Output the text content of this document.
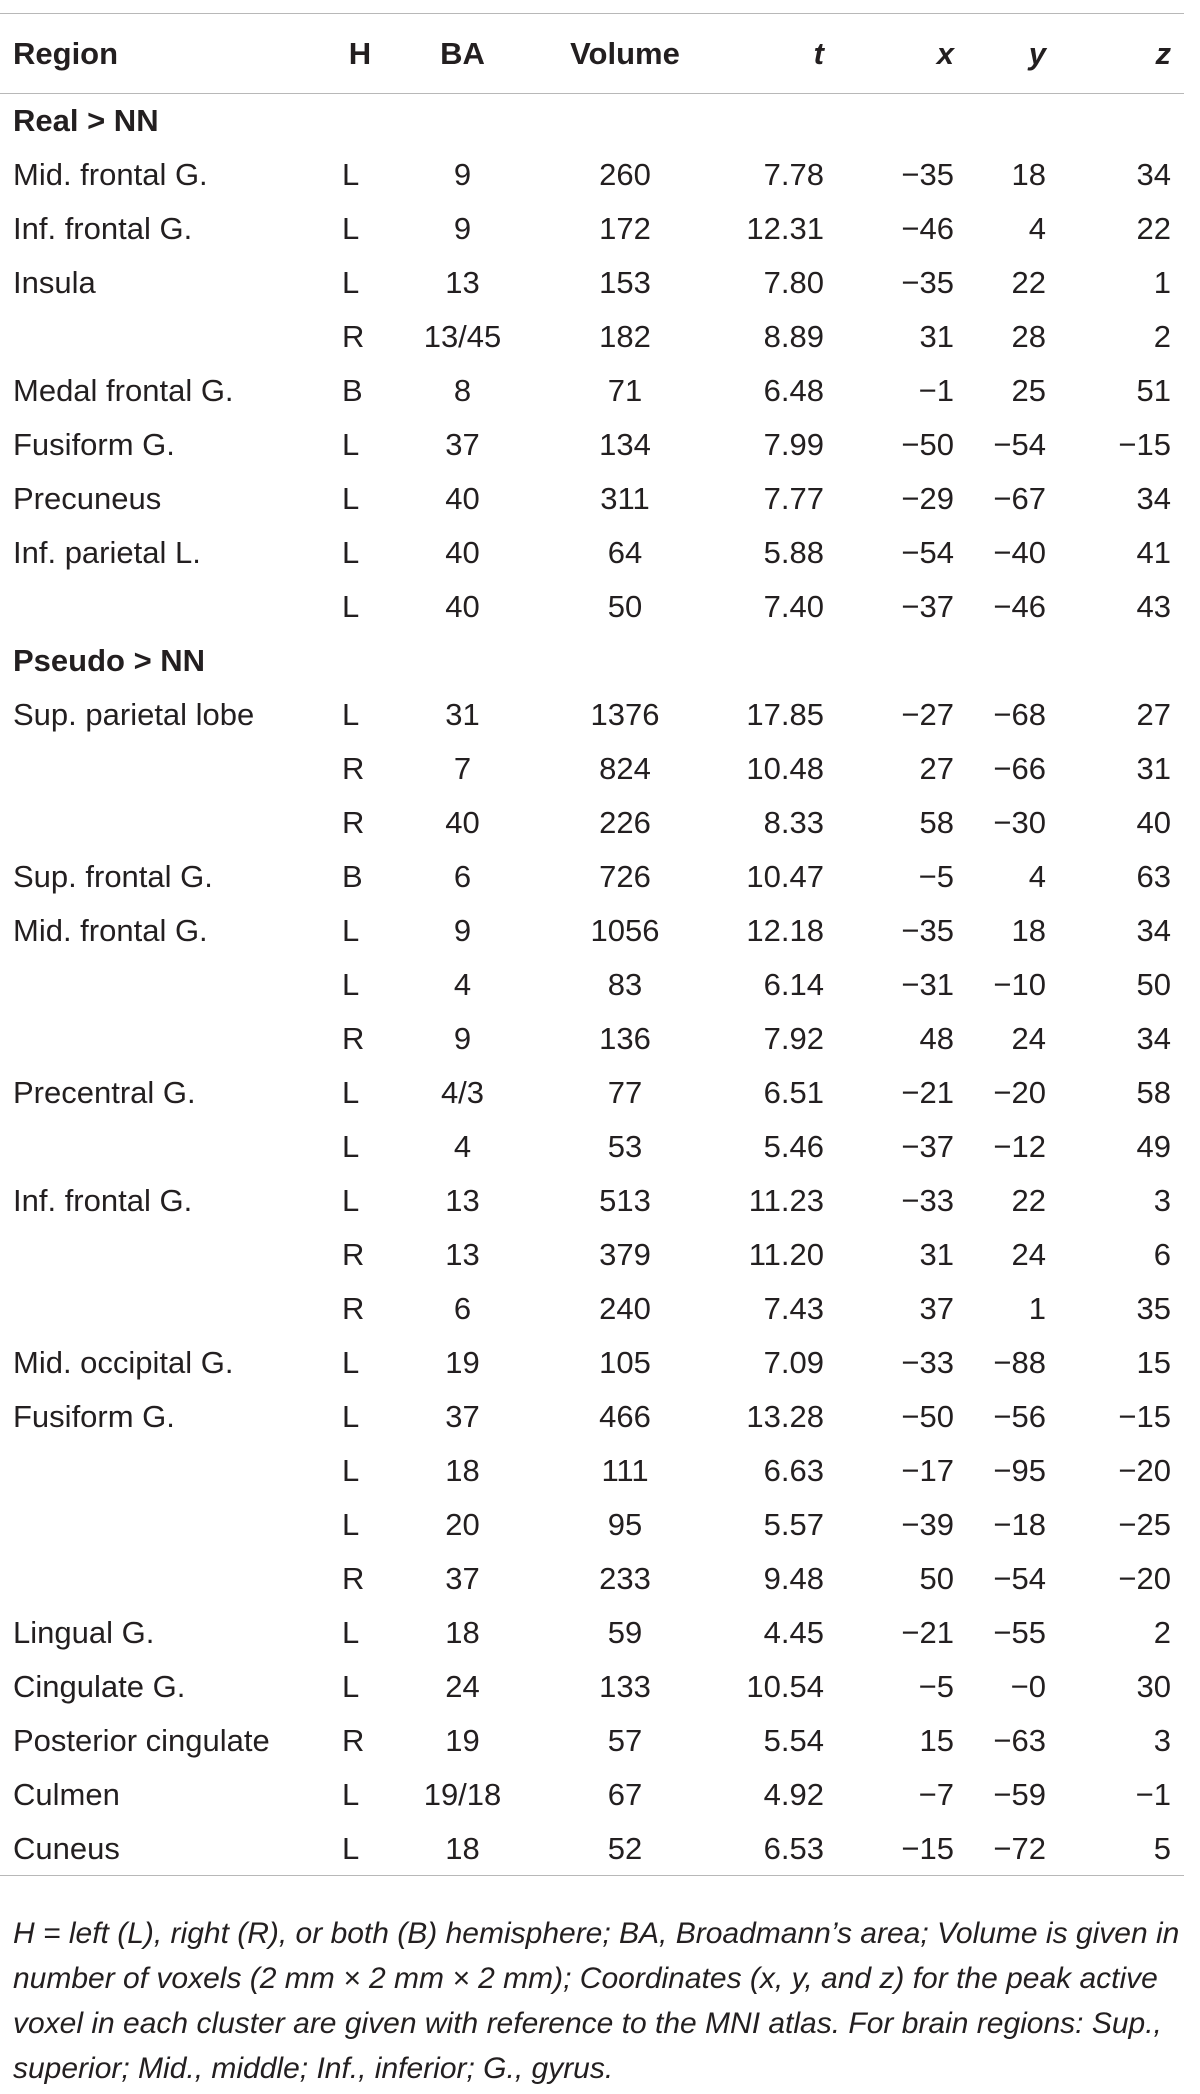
Region	H	BA	Volume	t	x	y	z
Real > NN							
Mid. frontal G.	L	9	260	7.78	−35	18	34
Inf. frontal G.	L	9	172	12.31	−46	4	22
Insula	L	13	153	7.80	−35	22	1
	R	13/45	182	8.89	31	28	2
Medal frontal G.	B	8	71	6.48	−1	25	51
Fusiform G.	L	37	134	7.99	−50	−54	−15
Precuneus	L	40	311	7.77	−29	−67	34
Inf. parietal L.	L	40	64	5.88	−54	−40	41
	L	40	50	7.40	−37	−46	43
Pseudo > NN							
Sup. parietal lobe	L	31	1376	17.85	−27	−68	27
	R	7	824	10.48	27	−66	31
	R	40	226	8.33	58	−30	40
Sup. frontal G.	B	6	726	10.47	−5	4	63
Mid. frontal G.	L	9	1056	12.18	−35	18	34
	L	4	83	6.14	−31	−10	50
	R	9	136	7.92	48	24	34
Precentral G.	L	4/3	77	6.51	−21	−20	58
	L	4	53	5.46	−37	−12	49
Inf. frontal G.	L	13	513	11.23	−33	22	3
	R	13	379	11.20	31	24	6
	R	6	240	7.43	37	1	35
Mid. occipital G.	L	19	105	7.09	−33	−88	15
Fusiform G.	L	37	466	13.28	−50	−56	−15
	L	18	111	6.63	−17	−95	−20
	L	20	95	5.57	−39	−18	−25
	R	37	233	9.48	50	−54	−20
Lingual G.	L	18	59	4.45	−21	−55	2
Cingulate G.	L	24	133	10.54	−5	−0	30
Posterior cingulate	R	19	57	5.54	15	−63	3
Culmen	L	19/18	67	4.92	−7	−59	−1
Cuneus	L	18	52	6.53	−15	−72	5
H = left (L), right (R), or both (B) hemisphere; BA, Broadmann’s area; Volume is given in number of voxels (2 mm × 2 mm × 2 mm); Coordinates (x, y, and z) for the peak active voxel in each cluster are given with reference to the MNI atlas. For brain regions: Sup., superior; Mid., middle; Inf., inferior; G., gyrus.
